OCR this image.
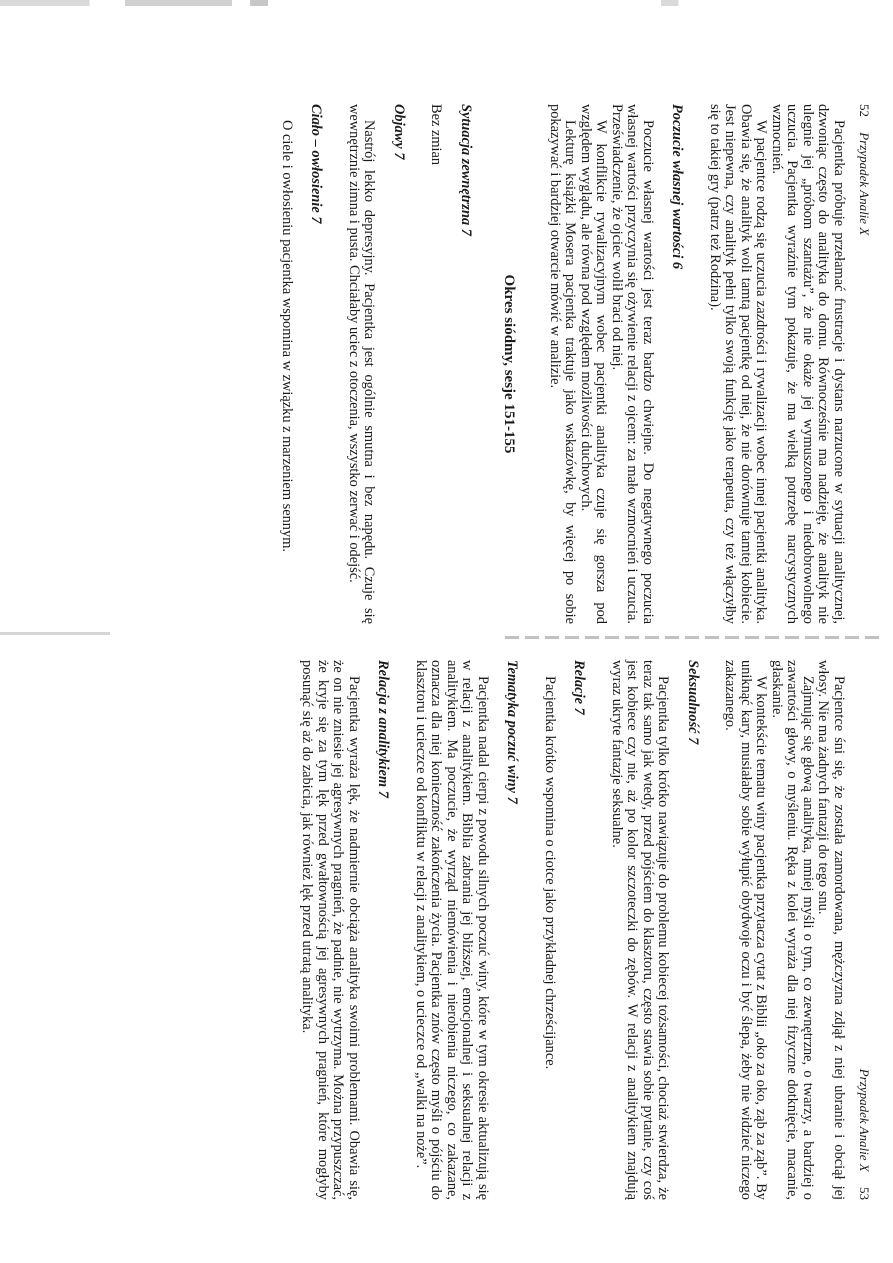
52 Przypadek Analie X

Pacjentka próbuje przełamać frustracje i dystans narzucone w sytuacji analitycznej, dzwoniąc często do analityka do domu. Równocześnie ma nadzieję, że analityk nie ulegnie jej „próbom szantażu”, że nie okaże jej wymuszonego i niedobrowolnego uczucia. Pacjentka wyraźnie tym pokazuje, że ma wielką potrzebę narcystycznych wzmocnień.

W pacjentce rodzą się uczucia zazdrości i rywalizacji wobec innej pacjentki analityka. Obawia się, że analityk woli tamtą pacjentkę od niej, że nie dorównuje tamtej kobiecie. Jest niepewna, czy analityk pełni tylko swoją funkcję jako terapeuta, czy też włączyłby się to takiej gry (patrz też Rodzina).

Poczucie własnej wartości 6

Poczucie własnej wartości jest teraz bardzo chwiejne. Do negatywnego poczucia własnej wartości przyczynia się ożywienie relacji z ojcem: za mało wzmocnień i uczucia. Przeświadczenie, że ojciec wolił braci od niej.

W konflikcie rywalizacyjnym wobec pacjentki analityka czuje się gorsza pod względem wyglądu, ale równa pod względem możliwości duchowych.

Lekturę książki Mosera pacjentka traktuje jako wskazówkę, by więcej po sobie pokazywać i bardziej otwarcie mówić w analizie.

Okres siódmy, sesje 151-155
Sytuacja zewnętrzna 7

Bez zmian

Objawy 7

Nastrój lekko depresyjny. Pacjentka jest ogólnie smutna i bez napędu. Czuje się wewnętrznie zimna i pusta. Chciałaby uciec z otoczenia, wszystko zerwać i odejść.

Ciało – owłosienie 7

O ciele i owłosieniu pacjentka wspomina w związku z marzeniem sennym.

Przypadek Analie X 53

Pacjentce śni się, że została zamordowana, mężczyzna zdjął z niej ubranie i obciął jej włosy. Nie ma żadnych fantazji do tego snu.

Zajmując się głową analityka, nmiej myśli o tym, co zewnętrzne, o twarzy, a bardziej o zawartości głowy, o myśleniu. Ręka z kolei wyraża dla niej fizyczne dotknięcie, macanie, głaskanie.

W kontekście tematu winy pacjentka przytacza cytat z Biblii „oko za oko, ząb za ząb”. By uniknąć kary, musiałaby sobie wyłupić obydwoje oczu i być ślepa, żeby nie widzieć niczego zakazanego.

Seksualność 7

Pacjentka tylko krótko nawiązuje do problemu kobiecej tożsamości, chociaż stwierdza, że teraz tak samo jak wtedy, przed pójściem do klasztoru, często stawia sobie pytanie, czy coś jest kobiece czy nie, aż po kolor szczoteczki do zębów. W relacji z analitykiem znajdują wyraz ukryte fantazje seksualne.

Relacje 7

Pacjentka krótko wspomina o ciotce jako przykładnej chrześcijance.

Tematyka poczuć winy 7

Pacjentka nadal cierpi z powodu silnych poczuć winy, które w tym okresie aktualizują się w relacji z analitykiem. Biblia zabrania jej bliższej, emocjonalnej i seksualnej relacji z analitykiem. Ma poczucie, że wyrząd niemówienia i nierobienia niczego, co zakazane, oznacza dla niej konieczność zakończenia życia. Pacjentka znów często myśli o pójściu do klasztoru i ucieczce od konfliktu w relacji z analitykiem, o ucieczce od „walki na noże”.

Relacja z analitykiem 7

Pacjentka wyraża lęk, że nadmiernie obciąża analityka swoimi problemami. Obawia się, że on nie zniesie jej agresywnych pragnień, że padnie, nie wytrzyma. Można przypuszczać, że kryje się za tym lęk przed gwałtownością jej agresywnych pragnień, które mogłyby posunąć się aż do zabicia, jak również lęk przed utratą analityka.
